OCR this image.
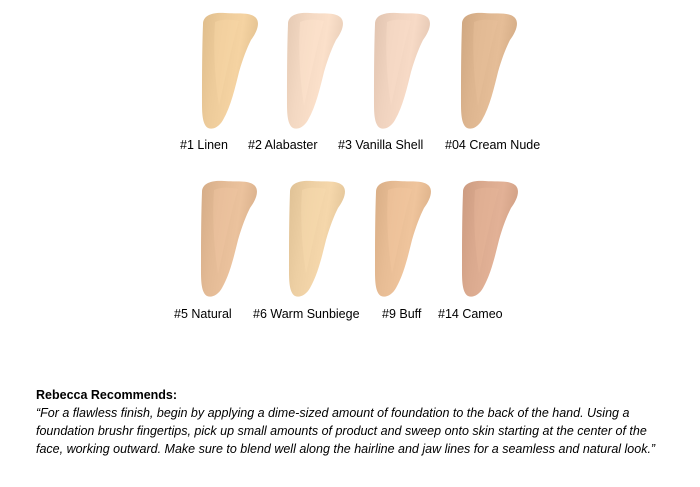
#1 Linen #2 Alabaster #3 Vanilla Shell #04 Cream Nude
#5 Natural #6 Warm Sunbiege #9 Buff #14 Cameo
Rebecca Recommends:
“For a flawless finish, begin by applying a dime-sized amount of foundation to the back of the hand. Using a foundation brushr fingertips, pick up small amounts of product and sweep onto skin starting at the center of the face, working outward. Make sure to blend well along the hairline and jaw lines for a seamless and natural look.”
